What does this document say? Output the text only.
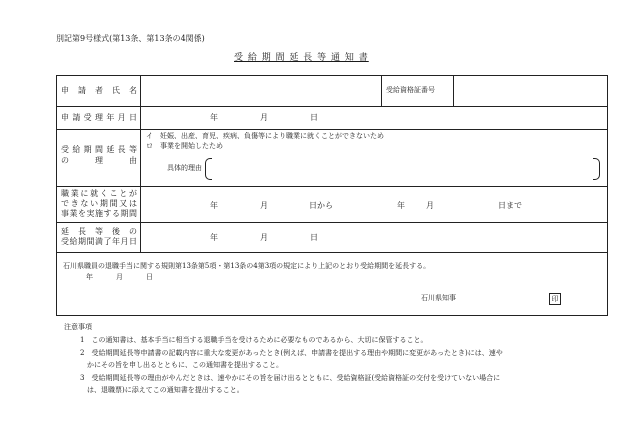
別記第9号様式(第13条、第13条の4関係)
受 給 期 間 延 長 等 通 知 書
申 請 者 氏 名	受給資格証番号
申 請 受 理 年 月 日	年	月	日
受給期間延長等
の 理 由
イ　妊娠、出産、育児、疾病、負傷等により職業に就くことができないため
ロ　事業を開始したため
具体的理由
職業に就くことが
できない期間又は
事業を実施する期間
年	月	日から	年	月	日まで
延 長 等 後 の
受給期間満了年月日	年	月	日
石川県職員の退職手当に関する規則第13条第5項・第13条の4第3項の規定により上記のとおり受給期間を延長する。
年	月	日
石川県知事	印
注意事項
1　この通知書は、基本手当に相当する退職手当を受けるために必要なものであるから、大切に保管すること。
2　受給期間延長等申請書の記載内容に重大な変更があったとき(例えば、申請書を提出する理由や期間に変更があったとき)には、速や
　かにその旨を申し出るとともに、この通知書を提出すること。
3　受給期間延長等の理由がやんだときは、速やかにその旨を届け出るとともに、受給資格証(受給資格証の交付を受けていない場合に
　は、退職票)に添えてこの通知書を提出すること。
